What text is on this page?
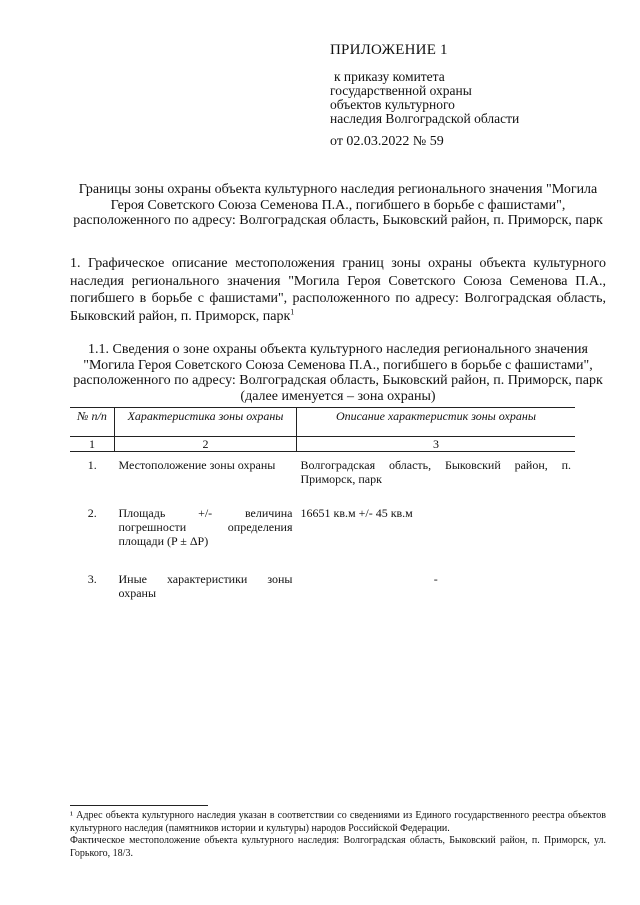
ПРИЛОЖЕНИЕ 1
к приказу комитета
государственной охраны
объектов культурного
наследия Волгоградской области
от 02.03.2022 № 59
Границы зоны охраны объекта культурного наследия регионального значения "Могила Героя Советского Союза Семенова П.А., погибшего в борьбе с фашистами", расположенного по адресу: Волгоградская область, Быковский район, п. Приморск, парк
1. Графическое описание местоположения границ зоны охраны объекта культурного наследия регионального значения "Могила Героя Советского Союза Семенова П.А., погибшего в борьбе с фашистами", расположенного по адресу: Волгоградская область, Быковский район, п. Приморск, парк$^1$
1.1. Сведения о зоне охраны объекта культурного наследия регионального значения "Могила Героя Советского Союза Семенова П.А., погибшего в борьбе с фашистами", расположенного по адресу: Волгоградская область, Быковский район, п. Приморск, парк (далее именуется – зона охраны)
№ п/п	Характеристика зоны охраны	Описание характеристик зоны охраны
1	2	3
1.	Местоположение зоны охраны	Волгоградская область, Быковский район, п. Приморск, парк
2.	Площадь +/- величина погрешности определения площади (P ± ΔP)	16651 кв.м +/- 45 кв.м
3.	Иные характеристики зоны охраны	-
¹ Адрес объекта культурного наследия указан в соответствии со сведениями из Единого государственного реестра объектов культурного наследия (памятников истории и культуры) народов Российской Федерации.
Фактическое местоположение объекта культурного наследия: Волгоградская область, Быковский район, п. Приморск, ул. Горького, 18/3.
